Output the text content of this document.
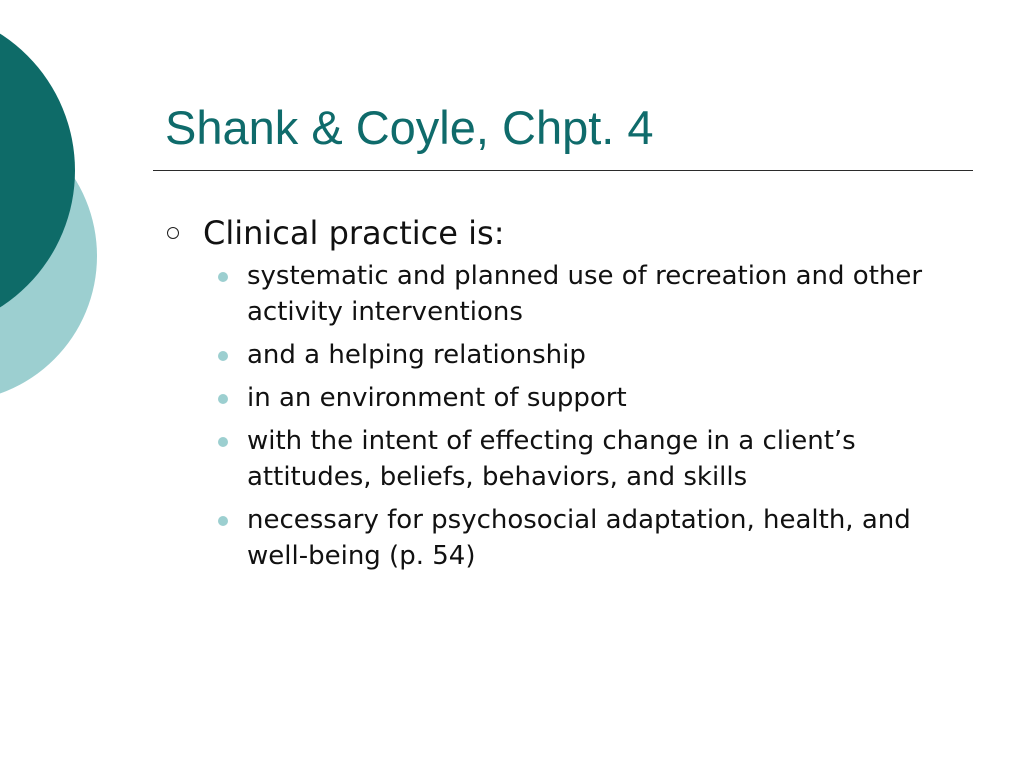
Shank & Coyle, Chpt. 4
Clinical practice is:
systematic and planned use of recreation and other activity interventions
and a helping relationship
in an environment of support
with the intent of effecting change in a client’s attitudes, beliefs, behaviors, and skills
necessary for psychosocial adaptation, health, and well-being (p. 54)
